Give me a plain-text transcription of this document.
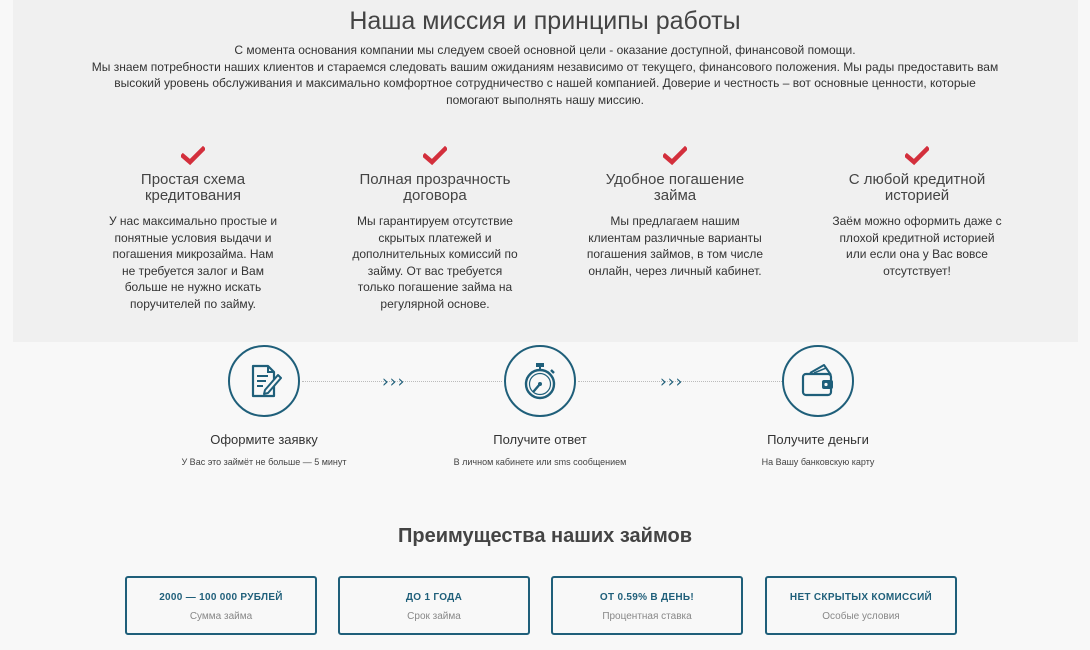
Наша миссия и принципы работы
С момента основания компании мы следуем своей основной цели - оказание доступной, финансовой помощи.
Мы знаем потребности наших клиентов и стараемся следовать вашим ожиданиям независимо от текущего, финансового положения. Мы рады предоставить вам высокий уровень обслуживания и максимально комфортное сотрудничество с нашей компанией. Доверие и честность – вот основные ценности, которые помогают выполнять нашу миссию.
Простая схема кредитования

У нас максимально простые и понятные условия выдачи и погашения микрозайма. Нам не требуется залог и Вам больше не нужно искать поручителей по займу.

Полная прозрачность договора

Мы гарантируем отсутствие скрытых платежей и дополнительных комиссий по займу. От вас требуется только погашение займа на регулярной основе.

Удобное погашение займа

Мы предлагаем нашим клиентам различные варианты погашения займов, в том числе онлайн, через личный кабинет.

С любой кредитной историей

Заём можно оформить даже с плохой кредитной историей или если она у Вас вовсе отсутствует!

›››	›››
Оформите заявку
У Вас это займёт не больше — 5 минут
Получите ответ
В личном кабинете или sms сообщением
Получите деньги
На Вашу банковскую карту
Преимущества наших займов
2000 — 100 000 РУБЛЕЙ
Сумма займа
ДО 1 ГОДА
Срок займа
ОТ 0.59% В ДЕНЬ!
Процентная ставка
НЕТ СКРЫТЫХ КОМИССИЙ
Особые условия
